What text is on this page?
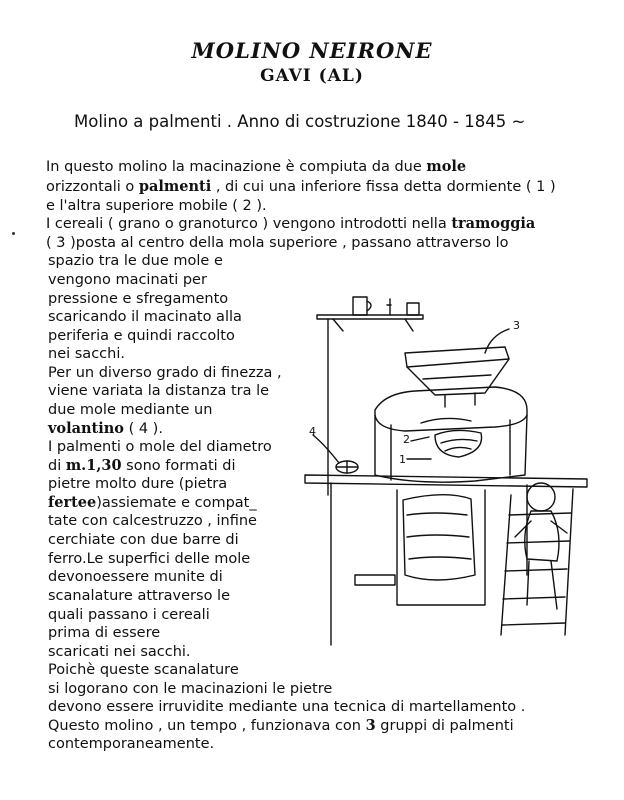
MOLINO NEIRONE
GAVI (AL)
Molino a palmenti . Anno di costruzione 1840 - 1845 ~
In questo molino la macinazione è compiuta da due mole
orizzontali o palmenti , di cui una inferiore fissa detta dormiente ( 1 )
e l'altra superiore mobile ( 2 ).
I cereali ( grano o granoturco ) vengono introdotti nella tramoggia
( 3 )posta al centro della mola superiore , passano attraverso lo
spazio tra le due mole e
vengono macinati per
pressione e sfregamento
scaricando il macinato alla
periferia e quindi raccolto
nei sacchi.
Per un diverso grado di finezza ,
viene variata la distanza tra le
due mole mediante un
volantino ( 4 ).
I palmenti o mole del diametro
di m.1,30 sono formati di
pietre molto dure (pietra
fertee)assiemate e compat_
tate con calcestruzzo , infine
cerchiate con due barre di
ferro.Le superfici delle mole
devonoessere munite di
scanalature attraverso le
quali passano i cereali
prima di essere
scaricati nei sacchi.
Poichè queste scanalature
si logorano con le macinazioni le pietre
devono essere irruvidite mediante una tecnica di martellamento .
Questo molino , un tempo , funzionava con 3 gruppi di palmenti
contemporaneamente.
3
4
2
1
